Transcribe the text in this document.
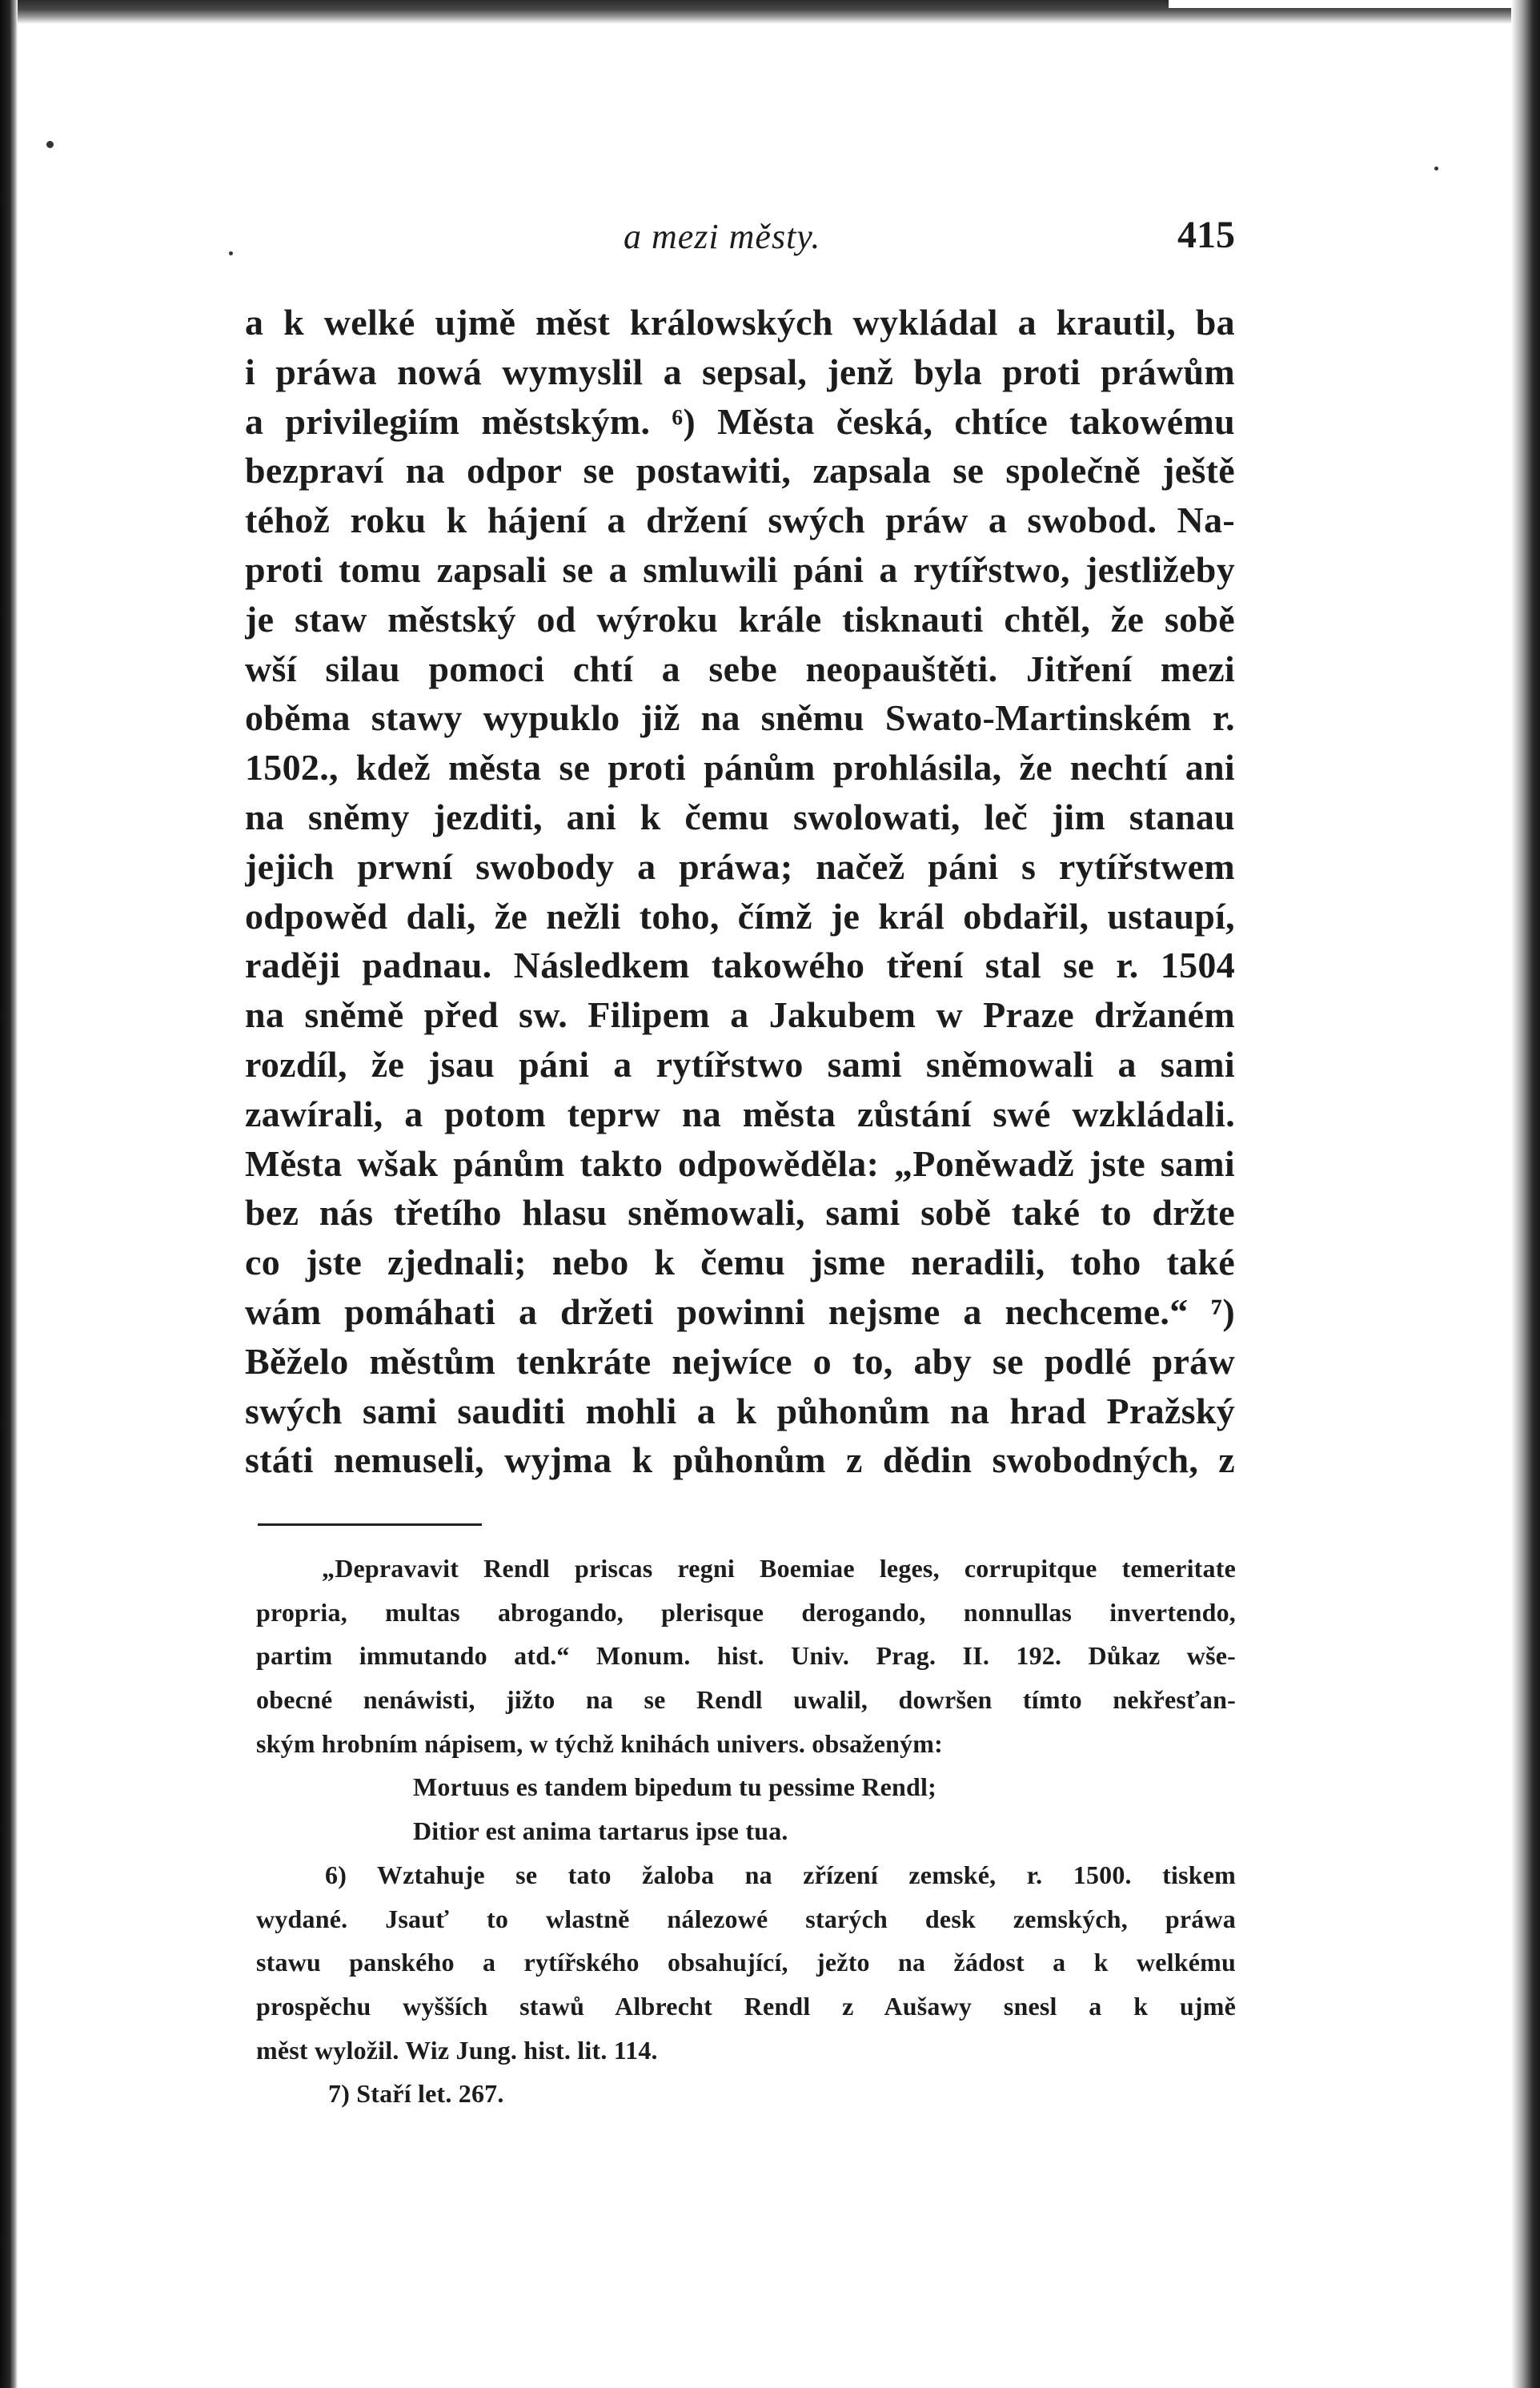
a mezi městy.	415
a k welké ujmě měst králowských wykládal a krautil, ba
i práwa nowá wymyslil a sepsal, jenž byla proti práwům
a privilegiím městským. ⁶) Města česká, chtíce takowému
bezpraví na odpor se postawiti, zapsala se společně ještě
téhož roku k hájení a držení swých práw a swobod. Na-
proti tomu zapsali se a smluwili páni a rytířstwo, jestližeby
je staw městský od wýroku krále tisknauti chtěl, že sobě
wší silau pomoci chtí a sebe neopauštěti. Jitření mezi
oběma stawy wypuklo již na sněmu Swato-Martinském r.
1502., kdež města se proti pánům prohlásila, že nechtí ani
na sněmy jezditi, ani k čemu swolowati, leč jim stanau
jejich prwní swobody a práwa; načež páni s rytířstwem
odpowěd dali, že nežli toho, čímž je král obdařil, ustaupí,
raději padnau. Následkem takowého tření stal se r. 1504
na sněmě před sw. Filipem a Jakubem w Praze držaném
rozdíl, že jsau páni a rytířstwo sami sněmowali a sami
zawírali, a potom teprw na města zůstání swé wzkládali.
Města wšak pánům takto odpowěděla: „Poněwadž jste sami
bez nás třetího hlasu sněmowali, sami sobě také to držte
co jste zjednali; nebo k čemu jsme neradili, toho také
wám pomáhati a držeti powinni nejsme a nechceme.“ ⁷)
Běželo městům tenkráte nejwíce o to, aby se podlé práw
swých sami sauditi mohli a k půhonům na hrad Pražský
státi nemuseli, wyjma k půhonům z dědin swobodných, z
„Depravavit Rendl priscas regni Boemiae leges, corrupitque temeritate
propria, multas abrogando, plerisque derogando, nonnullas invertendo,
partim immutando atd.“ Monum. hist. Univ. Prag. II. 192. Důkaz wše-
obecné nenáwisti, jižto na se Rendl uwalil, dowršen tímto nekřesťan-
ským hrobním nápisem, w týchž knihách univers. obsaženým:
Mortuus es tandem bipedum tu pessime Rendl;
Ditior est anima tartarus ipse tua.
6) Wztahuje se tato žaloba na zřízení zemské, r. 1500. tiskem
wydané. Jsauť to wlastně nálezowé starých desk zemských, práwa
stawu panského a rytířského obsahující, ježto na žádost a k welkému
prospěchu wyšších stawů Albrecht Rendl z Aušawy snesl a k ujmě
měst wyložil. Wiz Jung. hist. lit. 114.
7) Staří let. 267.
